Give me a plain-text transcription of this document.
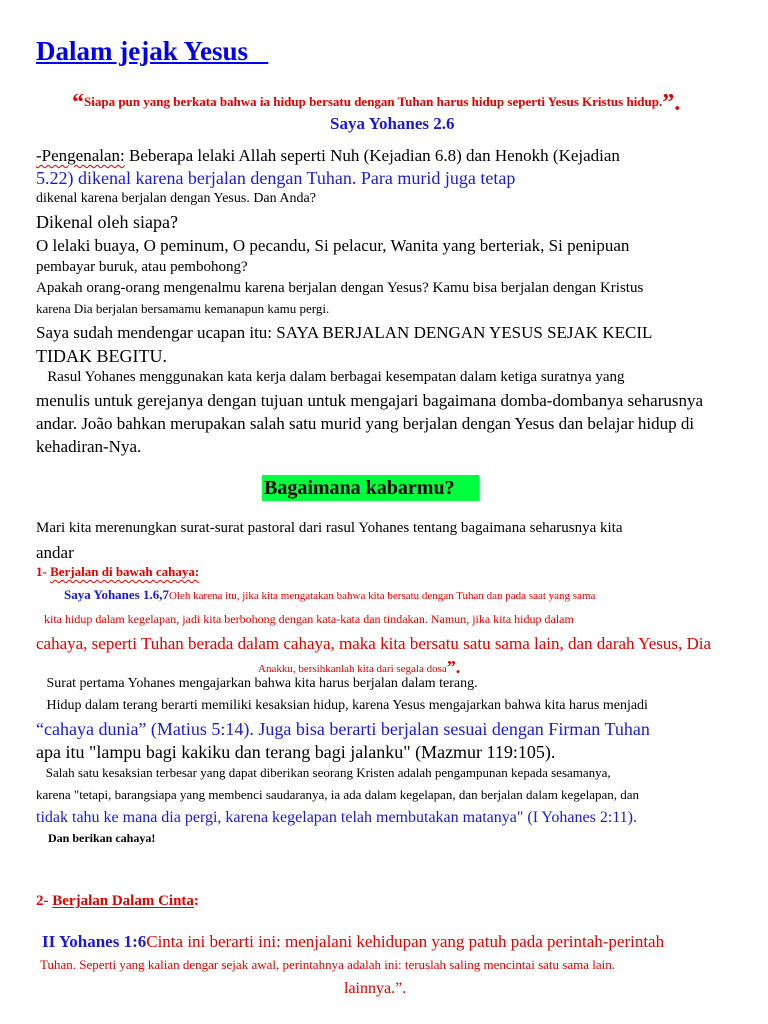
Dalam jejak Yesus
“Siapa pun yang berkata bahwa ia hidup bersatu dengan Tuhan harus hidup seperti Yesus Kristus hidup.”.
Saya Yohanes 2.6
-Pengenalan: Beberapa lelaki Allah seperti Nuh (Kejadian 6.8) dan Henokh (Kejadian
5.22) dikenal karena berjalan dengan Tuhan. Para murid juga tetap
dikenal karena berjalan dengan Yesus. Dan Anda?
Dikenal oleh siapa?
O lelaki buaya, O peminum, O pecandu, Si pelacur, Wanita yang berteriak, Si penipuan
pembayar buruk, atau pembohong?
Apakah orang-orang mengenalmu karena berjalan dengan Yesus? Kamu bisa berjalan dengan Kristus
karena Dia berjalan bersamamu kemanapun kamu pergi.
Saya sudah mendengar ucapan itu: SAYA BERJALAN DENGAN YESUS SEJAK KECIL
TIDAK BEGITU.
Rasul Yohanes menggunakan kata kerja dalam berbagai kesempatan dalam ketiga suratnya yang
menulis untuk gerejanya dengan tujuan untuk mengajari bagaimana domba-dombanya seharusnya
andar. João bahkan merupakan salah satu murid yang berjalan dengan Yesus dan belajar hidup di
kehadiran-Nya.
Bagaimana kabarmu?
Mari kita merenungkan surat-surat pastoral dari rasul Yohanes tentang bagaimana seharusnya kita
andar
1- Berjalan di bawah cahaya:
Saya Yohanes 1.6,7Oleh karena itu, jika kita mengatakan bahwa kita bersatu dengan Tuhan dan pada saat yang sama
kita hidup dalam kegelapan, jadi kita berbohong dengan kata-kata dan tindakan. Namun, jika kita hidup dalam
cahaya, seperti Tuhan berada dalam cahaya, maka kita bersatu satu sama lain, dan darah Yesus, Dia
Anakku, bersihkanlah kita dari segala dosa”.
Surat pertama Yohanes mengajarkan bahwa kita harus berjalan dalam terang.
Hidup dalam terang berarti memiliki kesaksian hidup, karena Yesus mengajarkan bahwa kita harus menjadi
“cahaya dunia” (Matius 5:14). Juga bisa berarti berjalan sesuai dengan Firman Tuhan
apa itu "lampu bagi kakiku dan terang bagi jalanku" (Mazmur 119:105).
Salah satu kesaksian terbesar yang dapat diberikan seorang Kristen adalah pengampunan kepada sesamanya,
karena "tetapi, barangsiapa yang membenci saudaranya, ia ada dalam kegelapan, dan berjalan dalam kegelapan, dan
tidak tahu ke mana dia pergi, karena kegelapan telah membutakan matanya" (I Yohanes 2:11).
Dan berikan cahaya!
2- Berjalan Dalam Cinta:
II Yohanes 1:6Cinta ini berarti ini: menjalani kehidupan yang patuh pada perintah-perintah
Tuhan. Seperti yang kalian dengar sejak awal, perintahnya adalah ini: teruslah saling mencintai satu sama lain.
lainnya.”.
